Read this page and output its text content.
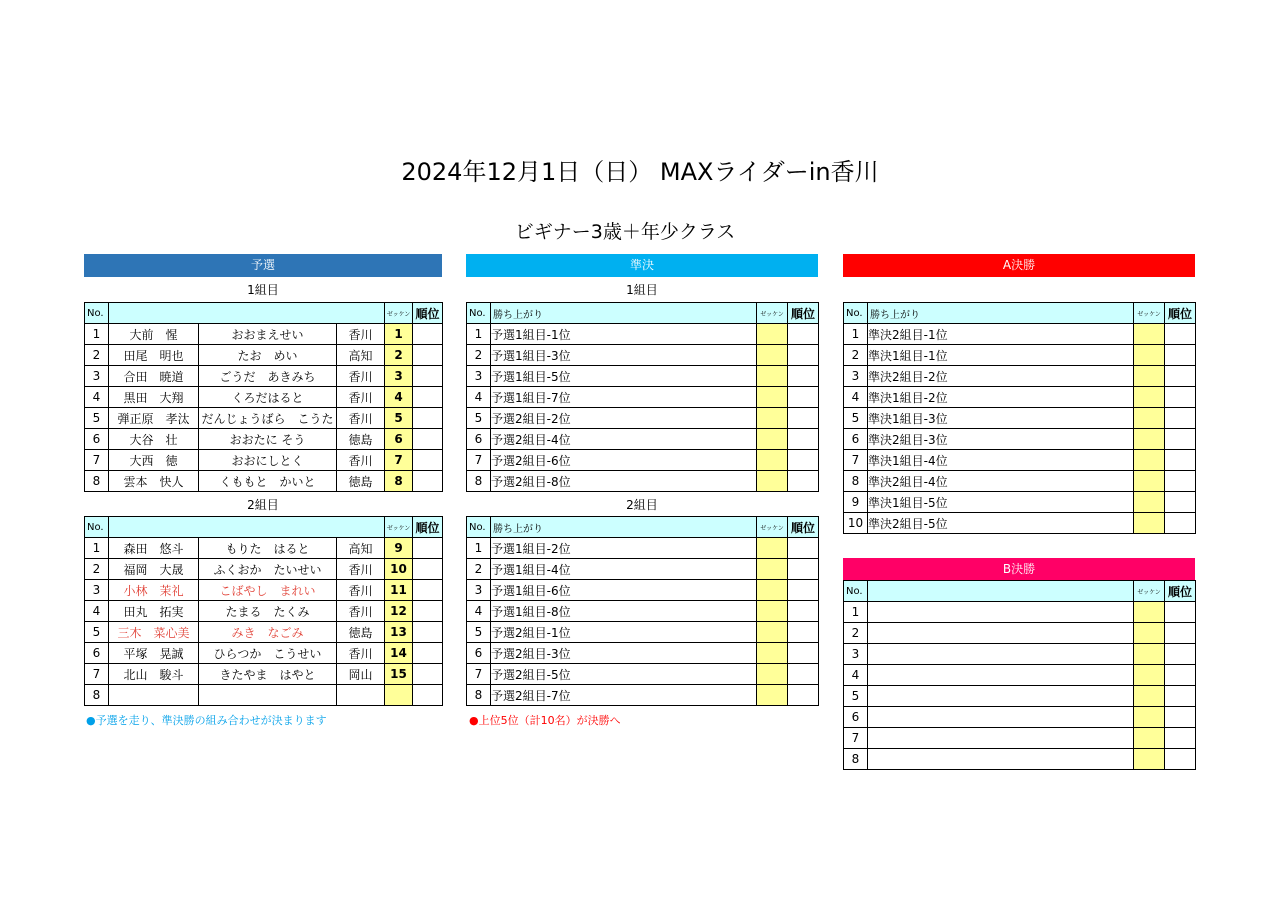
2024年12月1日（日） MAXライダーin香川
ビギナー3歳＋年少クラス
予選	準決	A決勝
B決勝
1組目
2組目
1組目
2組目
No.				ゼッケン	順位
1	大前　惺	おおまえせい	香川	1	
2	田尾　明也	たお　めい	高知	2	
3	合田　暁道	ごうだ　あきみち	香川	3	
4	黒田　大翔	くろだはると	香川	4	
5	弾正原　孝汰	だんじょうばら　こうた	香川	5	
6	大谷　壮	おおたに そう	徳島	6	
7	大西　徳	おおにしとく	香川	7	
8	雲本　快人	くももと　かいと	徳島	8	
No.				ゼッケン	順位
1	森田　悠斗	もりた　はると	高知	9	
2	福岡　大晟	ふくおか　たいせい	香川	10	
3	小林　茉礼	こばやし　まれい	香川	11	
4	田丸　拓実	たまる　たくみ	香川	12	
5	三木　菜心美	みき　なごみ	徳島	13	
6	平塚　晃誠	ひらつか　こうせい	香川	14	
7	北山　駿斗	きたやま　はやと	岡山	15	
8					
No.	勝ち上がり	ゼッケン	順位
1	予選1組目-1位		
2	予選1組目-3位		
3	予選1組目-5位		
4	予選1組目-7位		
5	予選2組目-2位		
6	予選2組目-4位		
7	予選2組目-6位		
8	予選2組目-8位		
No.	勝ち上がり	ゼッケン	順位
1	予選1組目-2位		
2	予選1組目-4位		
3	予選1組目-6位		
4	予選1組目-8位		
5	予選2組目-1位		
6	予選2組目-3位		
7	予選2組目-5位		
8	予選2組目-7位		
No.	勝ち上がり	ゼッケン	順位
1	準決2組目-1位		
2	準決1組目-1位		
3	準決2組目-2位		
4	準決1組目-2位		
5	準決1組目-3位		
6	準決2組目-3位		
7	準決1組目-4位		
8	準決2組目-4位		
9	準決1組目-5位		
10	準決2組目-5位		
No.		ゼッケン	順位
1			
2			
3			
4			
5			
6			
7			
8			
●予選を走り、準決勝の組み合わせが決まります	●上位5位（計10名）が決勝へ
